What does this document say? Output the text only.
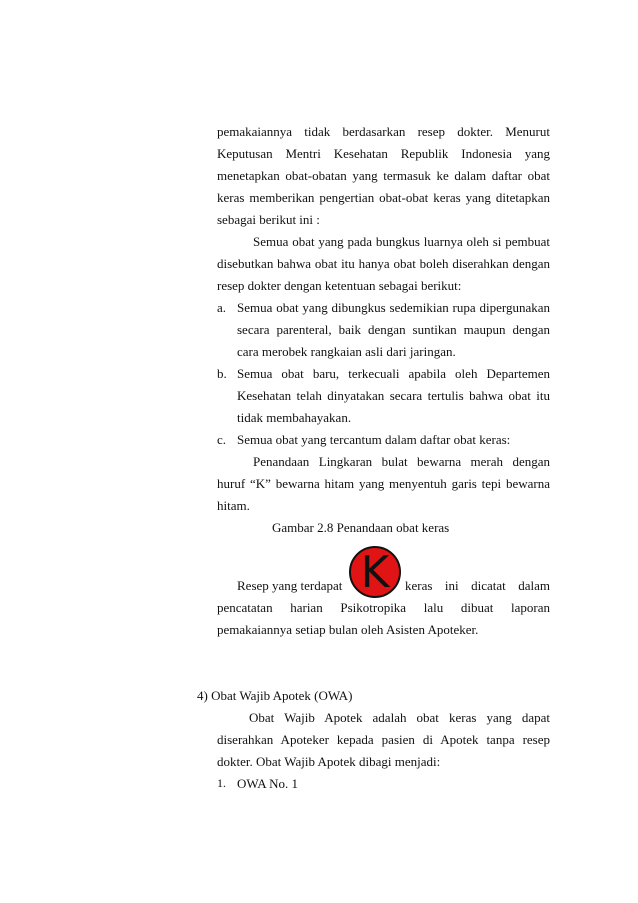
pemakaiannya tidak berdasarkan resep dokter. Menurut
Keputusan Mentri Kesehatan Republik Indonesia yang
menetapkan obat-obatan yang termasuk ke dalam daftar obat
keras memberikan pengertian obat-obat keras yang ditetapkan
sebagai berikut ini :
Semua obat yang pada bungkus luarnya oleh si pembuat
disebutkan bahwa obat itu hanya obat boleh diserahkan dengan
resep dokter dengan ketentuan sebagai berikut:
a. Semua obat yang dibungkus sedemikian rupa dipergunakan
secara parenteral, baik dengan suntikan maupun dengan
cara merobek rangkaian asli dari jaringan.
b. Semua obat baru, terkecuali apabila oleh Departemen
Kesehatan telah dinyatakan secara tertulis bahwa obat itu
tidak membahayakan.
c. Semua obat yang tercantum dalam daftar obat keras:
Penandaan Lingkaran bulat bewarna merah dengan
huruf “K” bewarna hitam yang menyentuh garis tepi bewarna
hitam.
Gambar 2.8 Penandaan obat keras
Resep yang terdapat	keras ini dicatat dalam
pencatatan harian Psikotropika lalu dibuat laporan
pemakaiannya setiap bulan oleh Asisten Apoteker.
K
4) Obat Wajib Apotek (OWA)
Obat Wajib Apotek adalah obat keras yang dapat
diserahkan Apoteker kepada pasien di Apotek tanpa resep
dokter. Obat Wajib Apotek dibagi menjadi:
1. OWA No. 1
